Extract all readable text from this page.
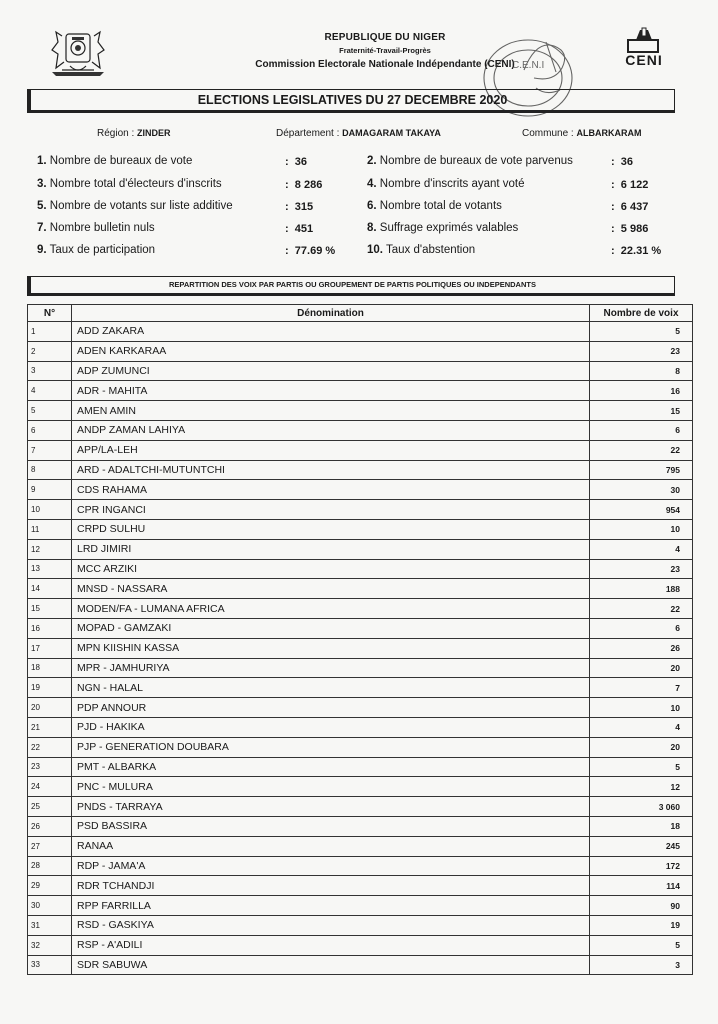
REPUBLIQUE DU NIGER
Fraternité-Travail-Progrès
Commission Electorale Nationale Indépendante (CENI)
C.E.N.I	CENI
ELECTIONS LEGISLATIVES DU 27 DECEMBRE 2020
Région : ZINDER	Département : DAMAGARAM TAKAYA	Commune : ALBARKARAM
1. Nombre de bureaux de vote	:  36	2. Nombre de bureaux de vote parvenus	:  36
3. Nombre total d'électeurs d'inscrits	:  8 286	4. Nombre d'inscrits ayant voté	:  6 122
5. Nombre de votants sur liste additive	:  315	6. Nombre total de votants	:  6 437
7. Nombre bulletin nuls	:  451	8. Suffrage exprimés valables	:  5 986
9. Taux de participation	:  77.69 %	10. Taux d'abstention	:  22.31 %
REPARTITION DES VOIX PAR PARTIS OU GROUPEMENT DE PARTIS POLITIQUES OU INDEPENDANTS
N°	Dénomination	Nombre de voix
1	ADD ZAKARA	5
2	ADEN KARKARAA	23
3	ADP ZUMUNCI	8
4	ADR - MAHITA	16
5	AMEN AMIN	15
6	ANDP ZAMAN LAHIYA	6
7	APP/LA-LEH	22
8	ARD - ADALTCHI-MUTUNTCHI	795
9	CDS RAHAMA	30
10	CPR INGANCI	954
11	CRPD SULHU	10
12	LRD JIMIRI	4
13	MCC ARZIKI	23
14	MNSD - NASSARA	188
15	MODEN/FA - LUMANA AFRICA	22
16	MOPAD - GAMZAKI	6
17	MPN KIISHIN KASSA	26
18	MPR - JAMHURIYA	20
19	NGN - HALAL	7
20	PDP ANNOUR	10
21	PJD - HAKIKA	4
22	PJP - GENERATION DOUBARA	20
23	PMT - ALBARKA	5
24	PNC - MULURA	12
25	PNDS - TARRAYA	3 060
26	PSD BASSIRA	18
27	RANAA	245
28	RDP - JAMA'A	172
29	RDR TCHANDJI	114
30	RPP FARRILLA	90
31	RSD - GASKIYA	19
32	RSP - A'ADILI	5
33	SDR SABUWA	3
